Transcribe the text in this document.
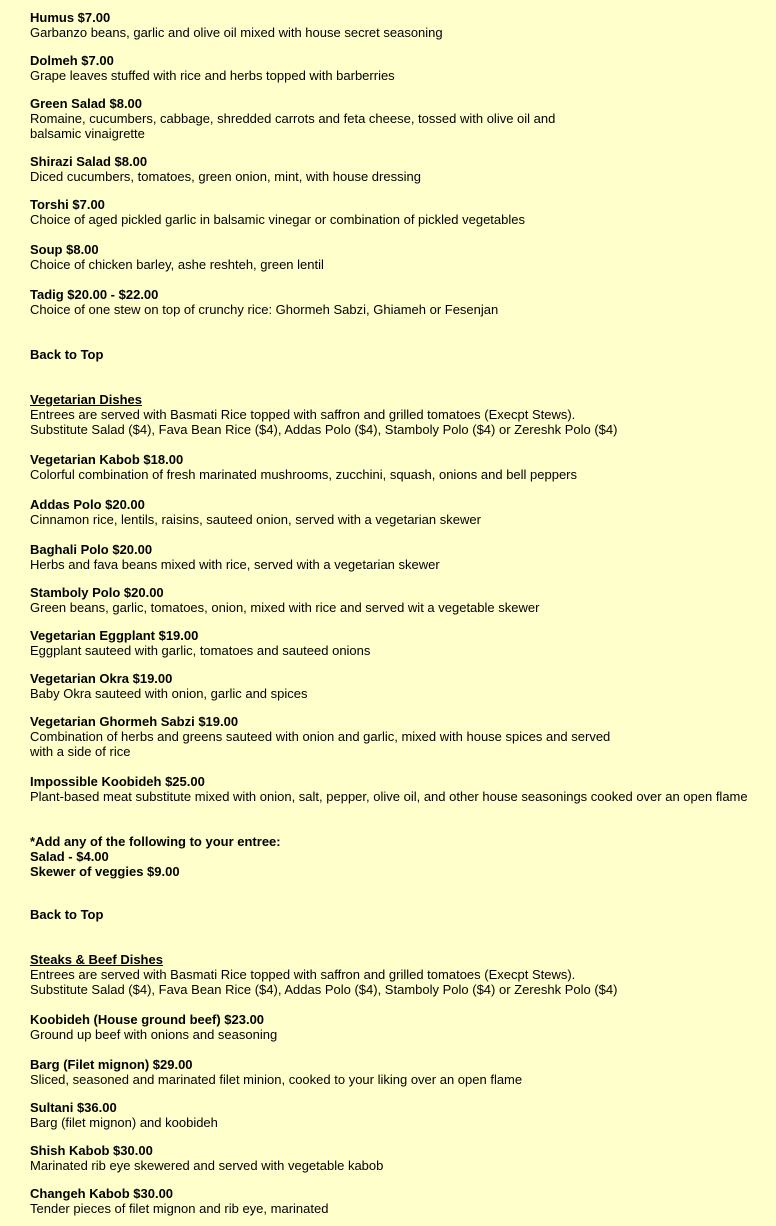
Humus $7.00
Garbanzo beans, garlic and olive oil mixed with house secret seasoning
Dolmeh $7.00
Grape leaves stuffed with rice and herbs topped with barberries
Green Salad $8.00
Romaine, cucumbers, cabbage, shredded carrots and feta cheese, tossed with olive oil and
balsamic vinaigrette
Shirazi Salad $8.00
Diced cucumbers, tomatoes, green onion, mint, with house dressing
Torshi $7.00
Choice of aged pickled garlic in balsamic vinegar or combination of pickled vegetables
Soup $8.00
Choice of chicken barley, ashe reshteh, green lentil
Tadig $20.00 - $22.00
Choice of one stew on top of crunchy rice: Ghormeh Sabzi, Ghiameh or Fesenjan
Back to Top
Vegetarian Dishes
Entrees are served with Basmati Rice topped with saffron and grilled tomatoes (Execpt Stews).
Substitute Salad ($4), Fava Bean Rice ($4), Addas Polo ($4), Stamboly Polo ($4) or Zereshk Polo ($4)
Vegetarian Kabob $18.00
Colorful combination of fresh marinated mushrooms, zucchini, squash, onions and bell peppers
Addas Polo $20.00
Cinnamon rice, lentils, raisins, sauteed onion, served with a vegetarian skewer
Baghali Polo $20.00
Herbs and fava beans mixed with rice, served with a vegetarian skewer
Stamboly Polo $20.00
Green beans, garlic, tomatoes, onion, mixed with rice and served wit a vegetable skewer
Vegetarian Eggplant $19.00
Eggplant sauteed with garlic, tomatoes and sauteed onions
Vegetarian Okra $19.00
Baby Okra sauteed with onion, garlic and spices
Vegetarian Ghormeh Sabzi $19.00
Combination of herbs and greens sauteed with onion and garlic, mixed with house spices and served
with a side of rice
Impossible Koobideh $25.00
Plant-based meat substitute mixed with onion, salt, pepper, olive oil, and other house seasonings cooked over an open flame
*Add any of the following to your entree:
Salad - $4.00
Skewer of veggies $9.00
Back to Top
Steaks & Beef Dishes
Entrees are served with Basmati Rice topped with saffron and grilled tomatoes (Execpt Stews).
Substitute Salad ($4), Fava Bean Rice ($4), Addas Polo ($4), Stamboly Polo ($4) or Zereshk Polo ($4)
Koobideh (House ground beef) $23.00
Ground up beef with onions and seasoning
Barg (Filet mignon) $29.00
Sliced, seasoned and marinated filet minion, cooked to your liking over an open flame
Sultani $36.00
Barg (filet mignon) and koobideh
Shish Kabob $30.00
Marinated rib eye skewered and served with vegetable kabob
Changeh Kabob $30.00
Tender pieces of filet mignon and rib eye, marinated
